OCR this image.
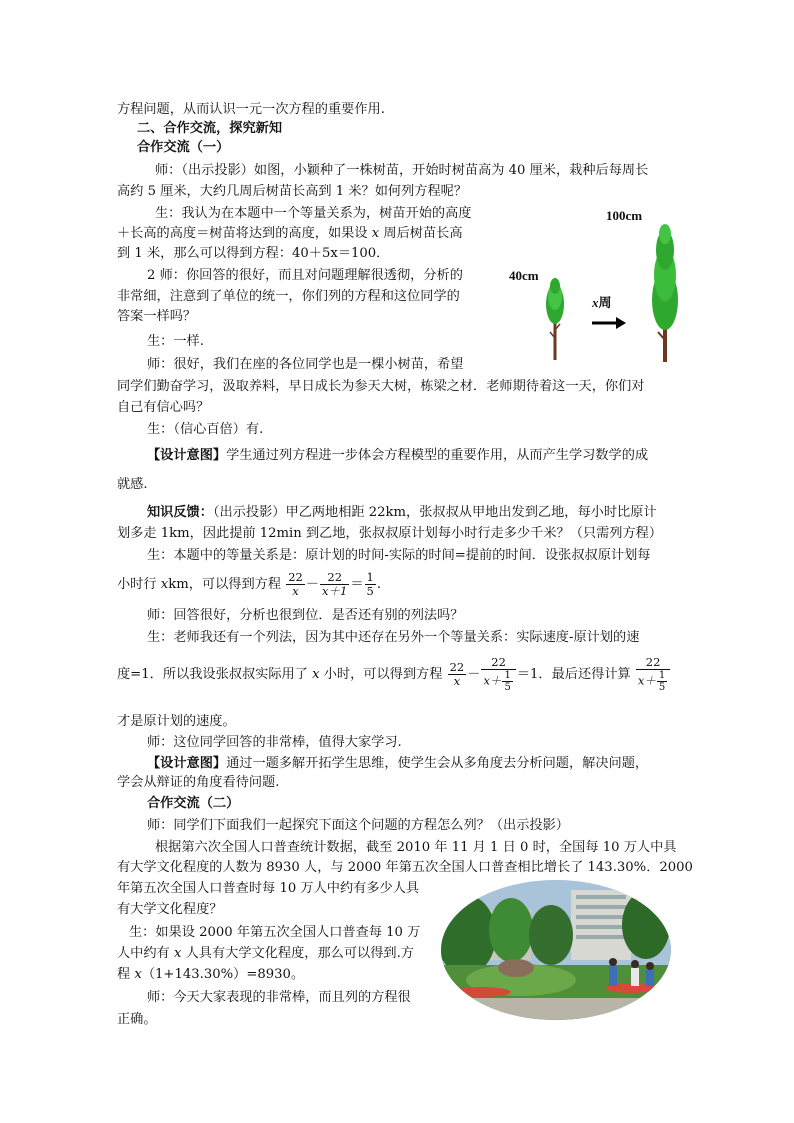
方程问题，从而认识一元一次方程的重要作用.
二、合作交流，探究新知
合作交流（一）
师：（出示投影）如图，小颖种了一株树苗，开始时树苗高为 40 厘米，栽种后每周长
高约 5 厘米，大约几周后树苗长高到 1 米？如何列方程呢？
生：我认为在本题中一个等量关系为，树苗开始的高度
＋长高的高度＝树苗将达到的高度，如果设 x 周后树苗长高
到 1 米，那么可以得到方程：40＋5x＝100．
2 师：你回答的很好，而且对问题理解很透彻，分析的
非常细，注意到了单位的统一，你们列的方程和这位同学的
答案一样吗？
生：一样.
师：很好，我们在座的各位同学也是一棵小树苗，希望
同学们勤奋学习，汲取养料，早日成长为参天大树，栋梁之材．老师期待着这一天，你们对
自己有信心吗？
生：（信心百倍）有.
【设计意图】学生通过列方程进一步体会方程模型的重要作用，从而产生学习数学的成
就感.
知识反馈：（出示投影）甲乙两地相距 22km，张叔叔从甲地出发到乙地，每小时比原计
划多走 1km，因此提前 12min 到乙地，张叔叔原计划每小时行走多少千米？（只需列方程）
生：本题中的等量关系是：原计划的时间-实际的时间=提前的时间．设张叔叔原计划每
小时行 xkm，可以得到方程 $\frac{22}{x} - \frac{22}{x+1} = \frac{1}{5}$ .
师：回答很好，分析也很到位．是否还有别的列法吗？
生：老师我还有一个列法，因为其中还存在另外一个等量关系：实际速度-原计划的速
度=1．所以我设张叔叔实际用了 x 小时，可以得到方程 $\frac{22}{x} - \frac{22}{x+ \frac{1}{5}} =1$．最后还得计算 $\frac{22}{x+ \frac{1}{5}}$
才是原计划的速度。
师：这位同学回答的非常棒，值得大家学习.
【设计意图】通过一题多解开拓学生思维，使学生会从多角度去分析问题，解决问题，
学会从辩证的角度看待问题.
合作交流（二）
师：同学们下面我们一起探究下面这个问题的方程怎么列？（出示投影）
根据第六次全国人口普查统计数据，截至 2010 年 11 月 1 日 0 时，全国每 10 万人中具
有大学文化程度的人数为 8930 人，与 2000 年第五次全国人口普查相比增长了 143.30%．2000
年第五次全国人口普查时每 10 万人中约有多少人具
有大学文化程度？
生：如果设 2000 年第五次全国人口普查每 10 万
人中约有 x 人具有大学文化程度，那么可以得到.方
程 x（1+143.30%）=8930。
师：今天大家表现的非常棒，而且列的方程很
正确。
100cm
40cm
x周
